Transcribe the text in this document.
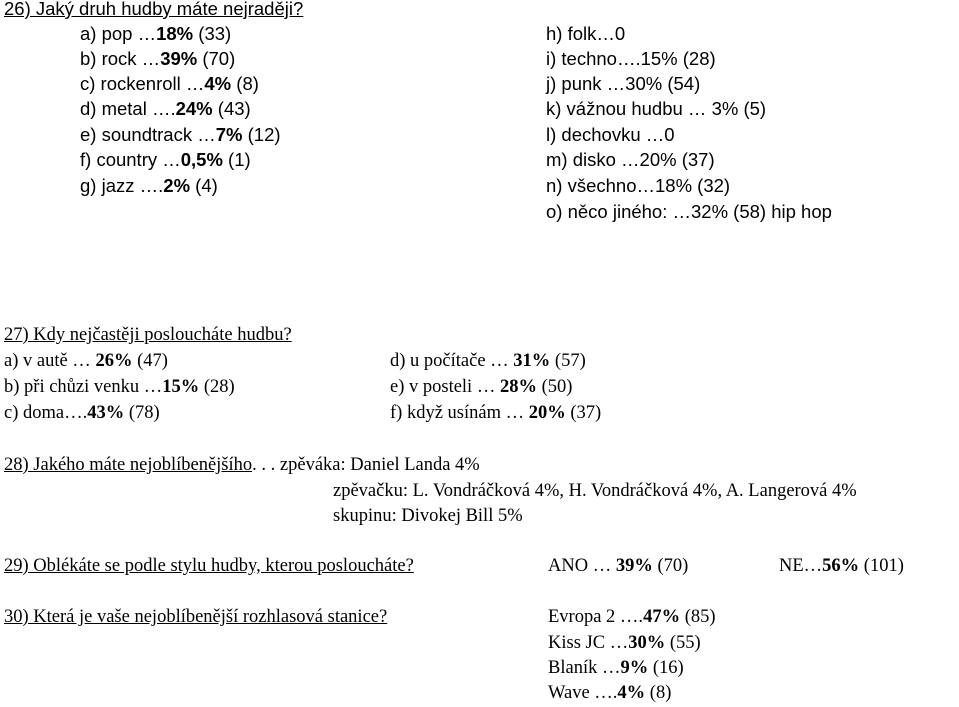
26) Jaký druh hudby máte nejraději?
a) pop …18% (33)
b) rock …39% (70)
c) rockenroll …4% (8)
d) metal ….24% (43)
e) soundtrack …7% (12)
f) country …0,5% (1)
g) jazz ….2% (4)
h) folk…0
i) techno….15% (28)
j) punk …30% (54)
k) vážnou hudbu … 3% (5)
l) dechovku …0
m) disko …20% (37)
n) všechno…18% (32)
o) něco jiného: …32% (58) hip hop
27) Kdy nejčastěji posloucháte hudbu?
a) v autě … 26% (47)
b) při chůzi venku …15% (28)
c) doma….43% (78)
d) u počítače … 31% (57)
e) v posteli … 28% (50)
f) když usínám … 20% (37)
28) Jakého máte nejoblíbenějšího. . . zpěváka: Daniel Landa 4%
zpěvačku: L. Vondráčková 4%, H. Vondráčková 4%, A. Langerová 4%
skupinu: Divokej Bill 5%
29) Oblékáte se podle stylu hudby, kterou posloucháte?	ANO … 39% (70)	NE…56% (101)
30) Která je vaše nejoblíbenější rozhlasová stanice?	Evropa 2 ….47% (85)
Kiss JC …30% (55)
Blaník …9% (16)
Wave ….4% (8)
